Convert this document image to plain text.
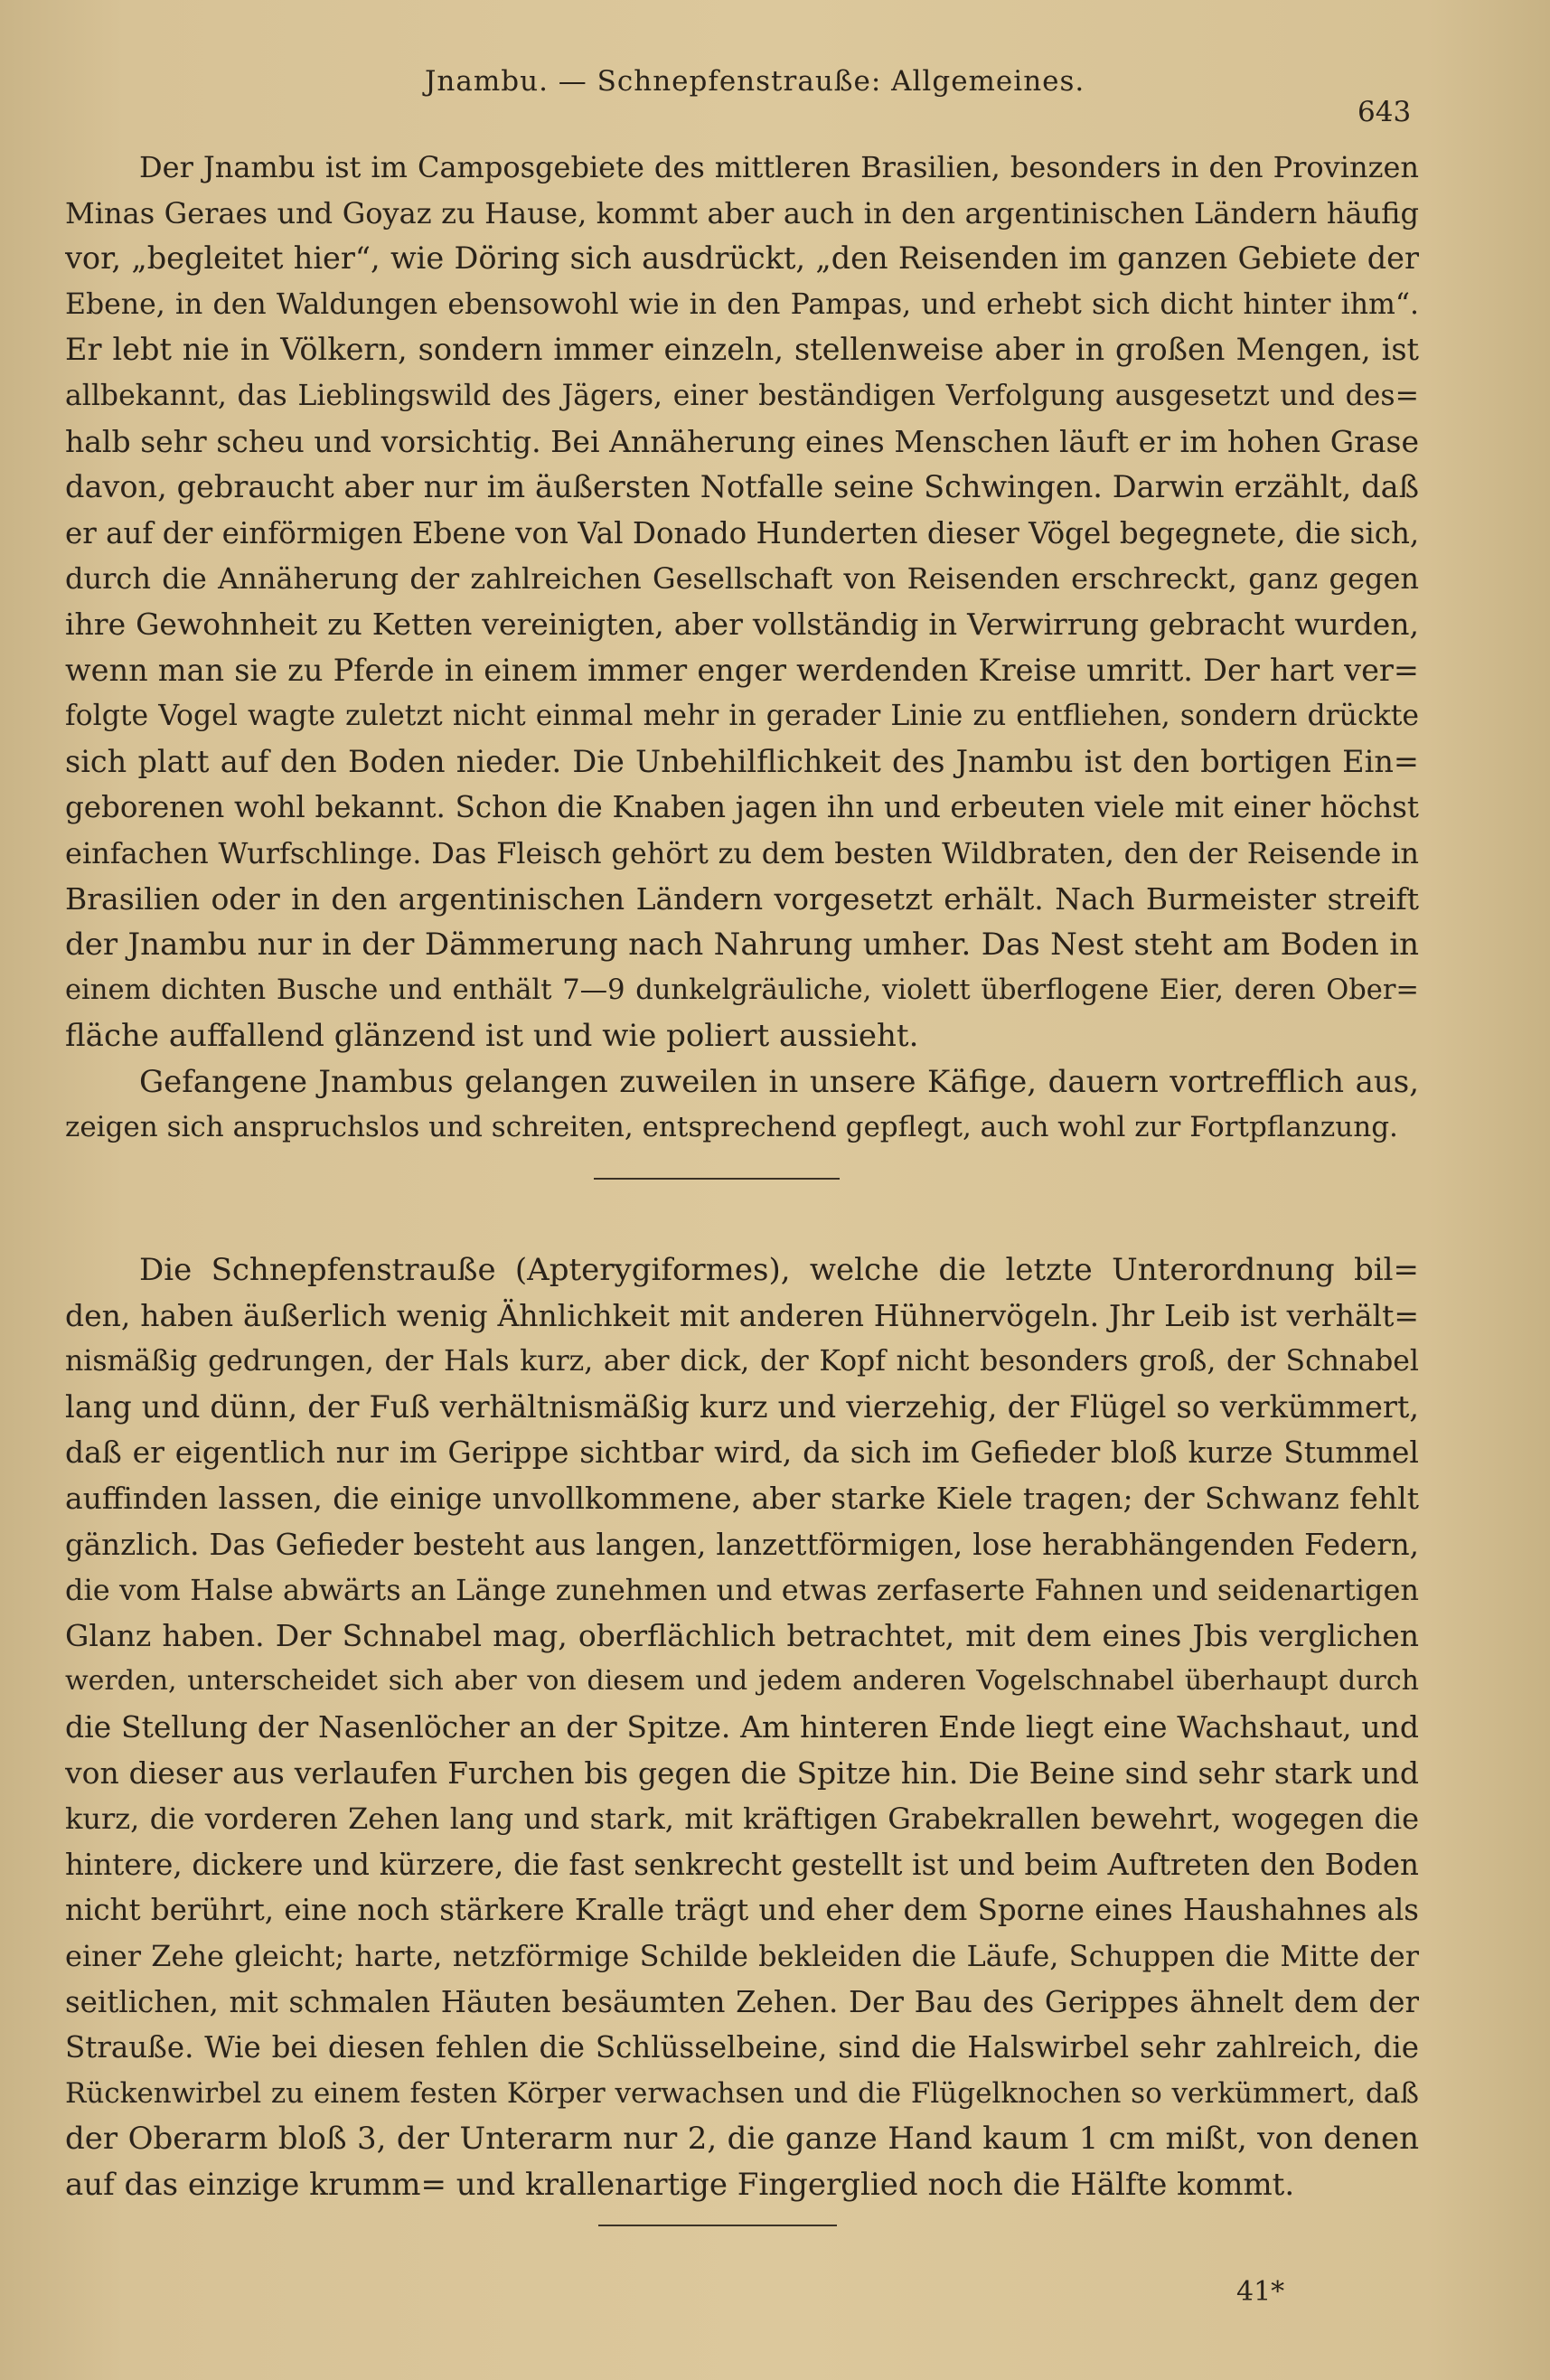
Jnambu. — Schnepfenstrauße: Allgemeines.
643
Der Jnambu ist im Camposgebiete des mittleren Brasilien, besonders in den Provinzen
Minas Geraes und Goyaz zu Hause, kommt aber auch in den argentinischen Ländern häufig
vor, „begleitet hier“, wie Döring sich ausdrückt, „den Reisenden im ganzen Gebiete der
Ebene, in den Waldungen ebensowohl wie in den Pampas, und erhebt sich dicht hinter ihm“.
Er lebt nie in Völkern, sondern immer einzeln, stellenweise aber in großen Mengen, ist
allbekannt, das Lieblingswild des Jägers, einer beständigen Verfolgung ausgesetzt und des=
halb sehr scheu und vorsichtig. Bei Annäherung eines Menschen läuft er im hohen Grase
davon, gebraucht aber nur im äußersten Notfalle seine Schwingen. Darwin erzählt, daß
er auf der einförmigen Ebene von Val Donado Hunderten dieser Vögel begegnete, die sich,
durch die Annäherung der zahlreichen Gesellschaft von Reisenden erschreckt, ganz gegen
ihre Gewohnheit zu Ketten vereinigten, aber vollständig in Verwirrung gebracht wurden,
wenn man sie zu Pferde in einem immer enger werdenden Kreise umritt. Der hart ver=
folgte Vogel wagte zuletzt nicht einmal mehr in gerader Linie zu entfliehen, sondern drückte
sich platt auf den Boden nieder. Die Unbehilflichkeit des Jnambu ist den bortigen Ein=
geborenen wohl bekannt. Schon die Knaben jagen ihn und erbeuten viele mit einer höchst
einfachen Wurfschlinge. Das Fleisch gehört zu dem besten Wildbraten, den der Reisende in
Brasilien oder in den argentinischen Ländern vorgesetzt erhält. Nach Burmeister streift
der Jnambu nur in der Dämmerung nach Nahrung umher. Das Nest steht am Boden in
einem dichten Busche und enthält 7—9 dunkelgräuliche, violett überflogene Eier, deren Ober=
fläche auffallend glänzend ist und wie poliert aussieht.
Gefangene Jnambus gelangen zuweilen in unsere Käfige, dauern vortrefflich aus,
zeigen sich anspruchslos und schreiten, entsprechend gepflegt, auch wohl zur Fortpflanzung.
Die Schnepfenstrauße (Apterygiformes), welche die letzte Unterordnung bil=
den, haben äußerlich wenig Ähnlichkeit mit anderen Hühnervögeln. Jhr Leib ist verhält=
nismäßig gedrungen, der Hals kurz, aber dick, der Kopf nicht besonders groß, der Schnabel
lang und dünn, der Fuß verhältnismäßig kurz und vierzehig, der Flügel so verkümmert,
daß er eigentlich nur im Gerippe sichtbar wird, da sich im Gefieder bloß kurze Stummel
auffinden lassen, die einige unvollkommene, aber starke Kiele tragen; der Schwanz fehlt
gänzlich. Das Gefieder besteht aus langen, lanzettförmigen, lose herabhängenden Federn,
die vom Halse abwärts an Länge zunehmen und etwas zerfaserte Fahnen und seidenartigen
Glanz haben. Der Schnabel mag, oberflächlich betrachtet, mit dem eines Jbis verglichen
werden, unterscheidet sich aber von diesem und jedem anderen Vogelschnabel überhaupt durch
die Stellung der Nasenlöcher an der Spitze. Am hinteren Ende liegt eine Wachshaut, und
von dieser aus verlaufen Furchen bis gegen die Spitze hin. Die Beine sind sehr stark und
kurz, die vorderen Zehen lang und stark, mit kräftigen Grabekrallen bewehrt, wogegen die
hintere, dickere und kürzere, die fast senkrecht gestellt ist und beim Auftreten den Boden
nicht berührt, eine noch stärkere Kralle trägt und eher dem Sporne eines Haushahnes als
einer Zehe gleicht; harte, netzförmige Schilde bekleiden die Läufe, Schuppen die Mitte der
seitlichen, mit schmalen Häuten besäumten Zehen. Der Bau des Gerippes ähnelt dem der
Strauße. Wie bei diesen fehlen die Schlüsselbeine, sind die Halswirbel sehr zahlreich, die
Rückenwirbel zu einem festen Körper verwachsen und die Flügelknochen so verkümmert, daß
der Oberarm bloß 3, der Unterarm nur 2, die ganze Hand kaum 1 cm mißt, von denen
auf das einzige krumm= und krallenartige Fingerglied noch die Hälfte kommt.
41*
